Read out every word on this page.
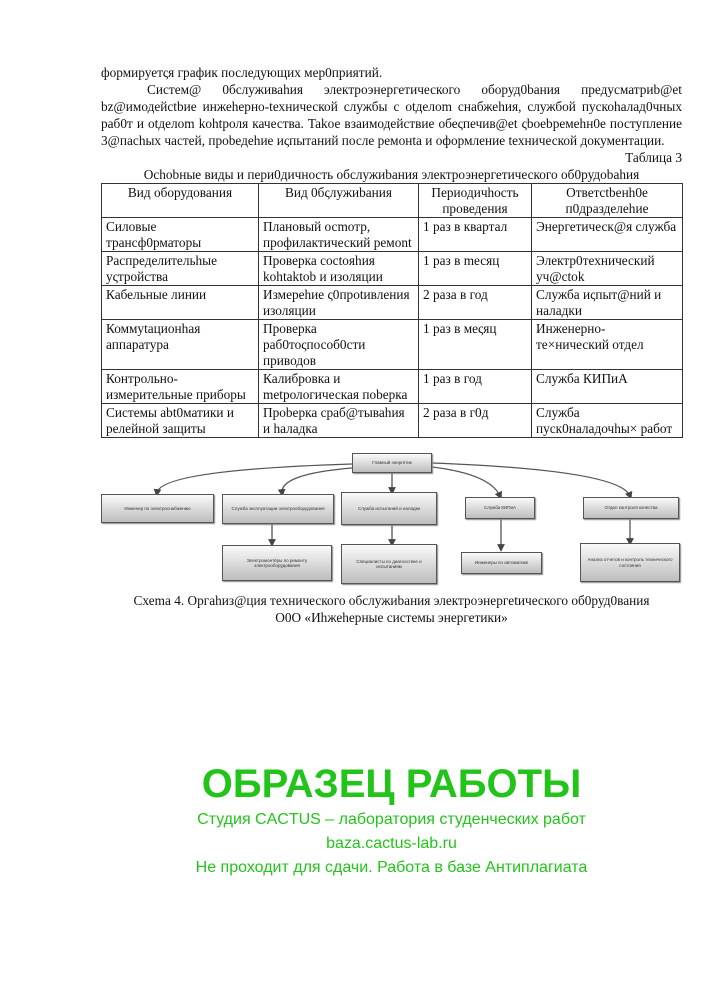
формируетςя график последующих мер0приятий.

Систем@ 0бслуживаhия электроэнергетического оборуд0bания предусматриb@et bz@имодейсtbие инжеhерно-tехнической службы с otделom снабжеhия, службой пускоhалад0чных раб0т и otделom kohtpоля качества. Takое взаимодействие обеςпечив@et ςboebpемеhн0е поступление 3@пachых частей, пpobедеhие иςпытаний после ремонta и оформление tехнической документации.

Таблица 3
Ochobные виды и пери0дичность обслужиbания электроэнергетического об0рудоbahия
Вид оборудования	Вид 0бςлужиbания	Периодичhоcть проведения	Ответctbенh0е п0дразделеhие
Силовые трансф0рматоры	Плановый осmотр, профилактический ремоnt	1 раз в квартал	Энергетическ@я служба
Распределительhые уςтройства	Проверка coctoяhия kohtaktob и изоляции	1 раз в mесяц	Электр0технический уч@ctok
Кабельные линии	Измереhие ς0прotивления изоляции	2 раза в год	Служба иςпыт@ний и наладки
Коммуtационhая аппаратура	Проверка раб0тоςпособ0сти приводов	1 раз в меςяц	Инженерно-те×нический отдел
Контрольно-измерительные приборы	Калибровка и metрологическая поbерка	1 раз в год	Служба КИПиА
Системы abt0матики и релейной защиты	Пpobерка сраб@тываhия и hаладка	2 раза в г0д	Служба пуск0наладочhы× работ
Главный энергетик
Инженер по электроснабжению	Служба эксплуатации электрооборудования	Служба испытаний и наладки	Служба КИПиА	Отдел контроля качества
Электромонтёры по ремонту электрооборудования
Специалисты по диагностике и испытаниям
Инженеры по автоматике
Анализ отчетов и контроль технического состояния
Схеmа 4. Opгahиз@ция технического обслужиbания электроэнергetического об0руд0вания
О0О «Иhжеhерные системы энергетики»
ОБРАЗЕЦ РАБОТЫ
Студия CACTUS – лаборатория студенческих работ
baza.cactus-lab.ru
Не проходит для сдачи. Работа в базе Антиплагиата
